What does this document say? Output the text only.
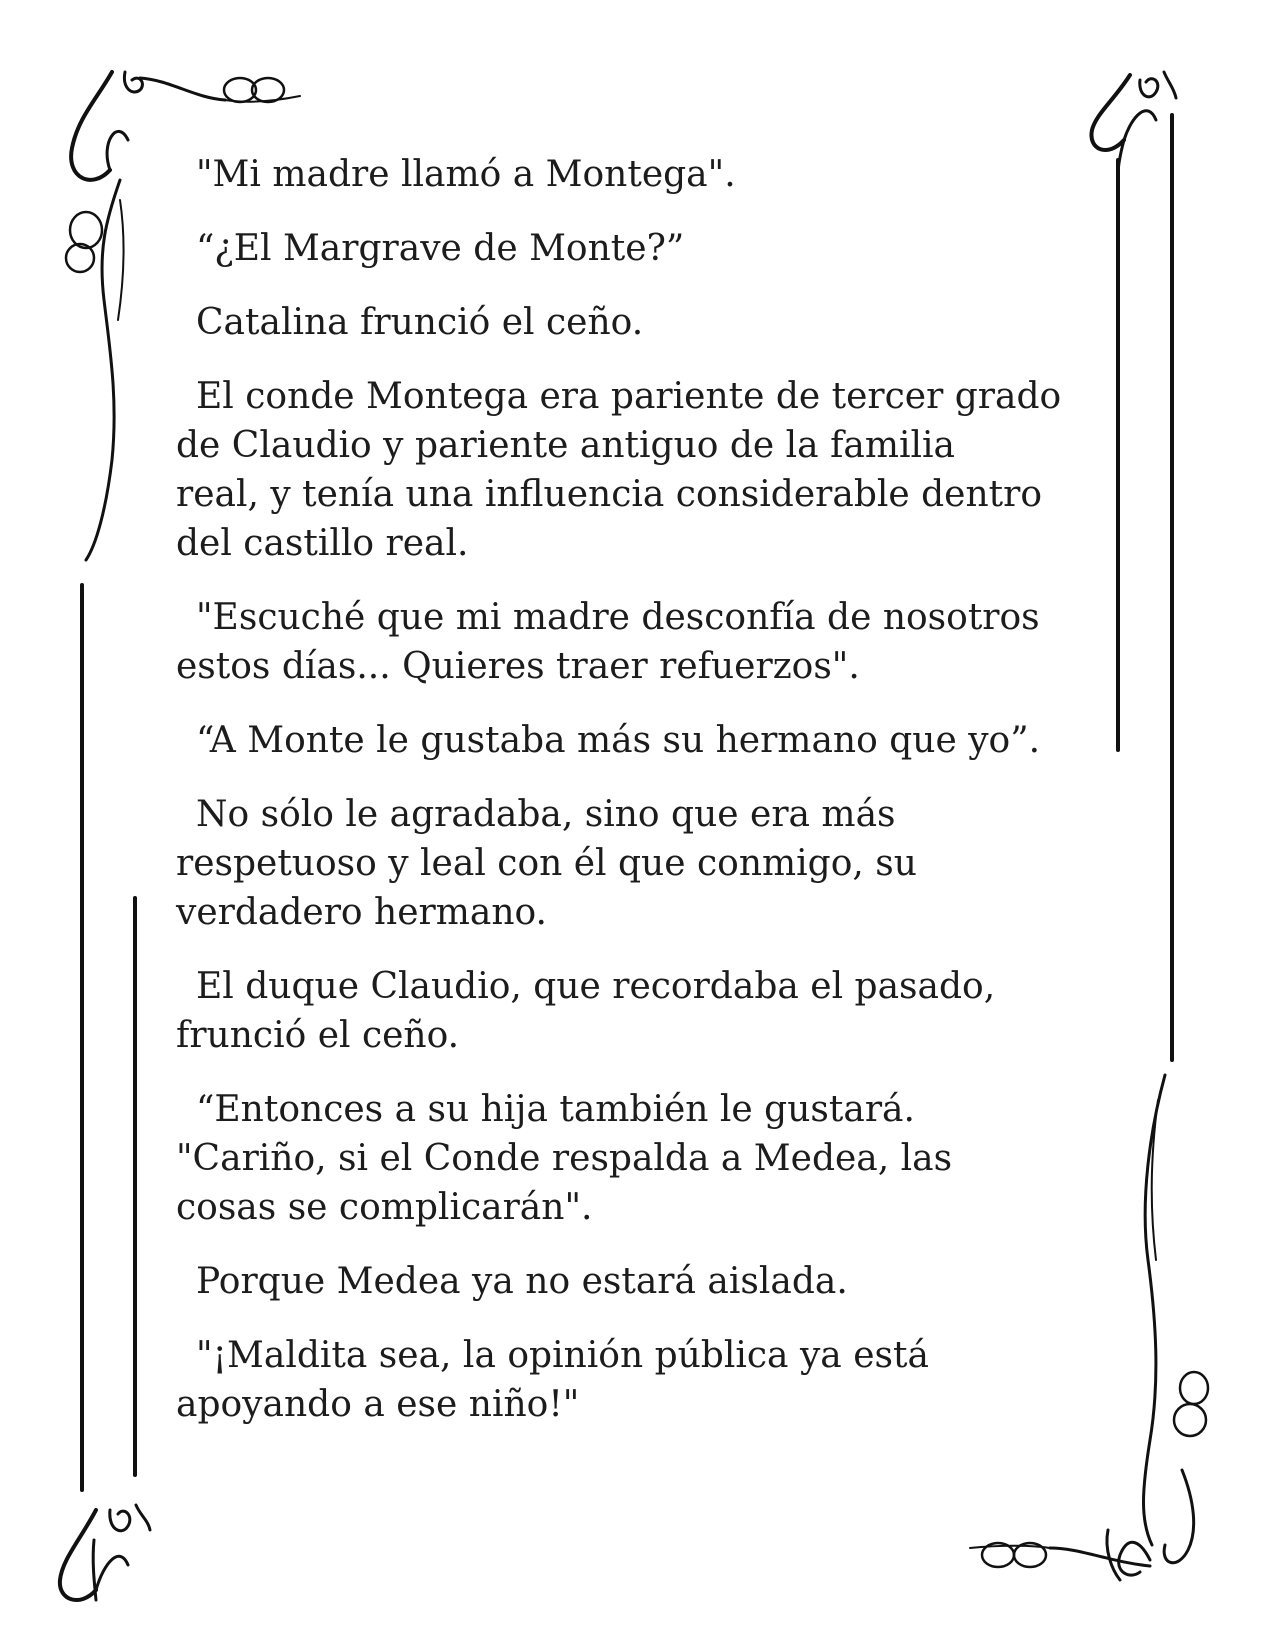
"Mi madre llamó a Montega".

“¿El Margrave de Monte?”

Catalina frunció el ceño.

El conde Montega era pariente de tercer grado
de Claudio y pariente antiguo de la familia
real, y tenía una influencia considerable dentro
del castillo real.

"Escuché que mi madre desconfía de nosotros
estos días... Quieres traer refuerzos".

“A Monte le gustaba más su hermano que yo”.

No sólo le agradaba, sino que era más
respetuoso y leal con él que conmigo, su
verdadero hermano.

El duque Claudio, que recordaba el pasado,
frunció el ceño.

“Entonces a su hija también le gustará.
"Cariño, si el Conde respalda a Medea, las
cosas se complicarán".

Porque Medea ya no estará aislada.

"¡Maldita sea, la opinión pública ya está
apoyando a ese niño!"
